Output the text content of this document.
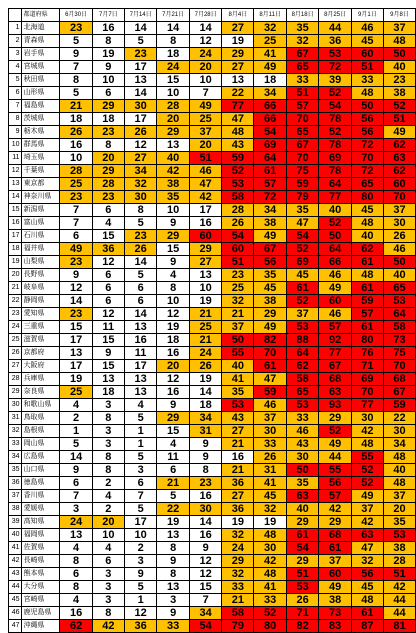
	都道府県	6月30日	7月7日	7月14日	7月21日	7月28日	8月4日	8月11日	8月18日	8月25日	9月1日	9月8日
1	北海道	23	16	14	14	14	27	32	35	44	46	37
2	青森県	5	8	5	8	12	19	25	32	36	45	48
3	岩手県	9	19	23	18	24	29	41	67	53	60	50
4	宮城県	7	9	17	24	20	27	49	65	72	51	40
5	秋田県	8	10	13	15	10	13	18	33	39	33	23
6	山形県	5	6	14	10	7	22	34	51	52	48	38
7	福島県	21	29	30	28	49	77	66	57	54	50	52
8	茨城県	18	18	17	20	25	47	66	70	78	56	51
9	栃木県	26	23	26	29	37	48	54	65	52	56	49
10	群馬県	16	8	12	13	20	43	69	67	78	72	62
11	埼玉県	10	20	27	40	51	59	64	70	69	70	63
12	千葉県	28	29	34	42	46	52	61	75	78	72	62
13	東京都	25	28	32	38	47	53	57	59	64	65	60
14	神奈川県	23	23	30	35	42	58	72	79	77	80	70
15	新潟県	7	6	8	10	17	28	34	35	40	45	37
16	富山県	7	4	5	9	16	26	38	47	52	48	30
17	石川県	6	15	23	29	60	54	49	54	50	40	26
18	福井県	49	36	26	15	29	60	67	52	64	62	46
19	山梨県	23	12	14	9	27	51	56	69	66	61	50
20	長野県	9	6	5	4	13	23	35	45	46	48	40
21	岐阜県	12	6	6	8	10	25	45	61	49	61	65
22	静岡県	14	6	6	10	19	32	38	52	60	59	53
23	愛知県	23	12	14	12	21	21	29	37	46	57	64
24	三重県	15	11	13	19	25	37	49	53	57	61	58
25	滋賀県	17	15	16	18	21	50	82	88	92	80	73
26	京都府	13	9	11	16	24	55	70	64	77	76	75
27	大阪府	17	15	17	20	26	40	61	62	67	71	70
28	兵庫県	19	13	13	12	19	41	47	58	68	69	68
29	奈良県	25	18	13	16	14	35	59	65	63	70	67
30	和歌山県	4	3	4	9	18	53	46	53	93	77	59
31	鳥取県	2	8	5	29	34	43	37	33	29	30	22
32	島根県	1	3	1	15	31	27	30	46	52	42	30
33	岡山県	5	3	1	4	9	21	33	43	49	48	34
34	広島県	14	8	5	11	9	16	26	30	44	55	48
35	山口県	9	8	3	6	8	21	31	50	55	52	40
36	徳島県	6	2	6	21	23	36	41	35	56	52	48
37	香川県	7	4	7	5	16	27	45	63	57	49	37
38	愛媛県	3	2	5	22	30	36	32	40	42	37	20
39	高知県	24	20	17	19	14	19	19	29	29	42	35
40	福岡県	13	10	10	13	16	32	48	61	68	63	53
41	佐賀県	4	4	2	8	9	24	30	54	61	47	38
42	長崎県	8	6	3	9	12	29	42	29	37	32	28
43	熊本県	6	3	9	8	12	32	48	51	60	56	51
44	大分県	8	3	5	13	15	33	41	53	49	45	42
45	宮崎県	4	3	1	3	7	21	33	26	38	48	44
46	鹿児島県	16	8	12	9	34	58	52	71	73	61	44
47	沖縄県	62	42	36	33	54	79	80	82	83	87	81
